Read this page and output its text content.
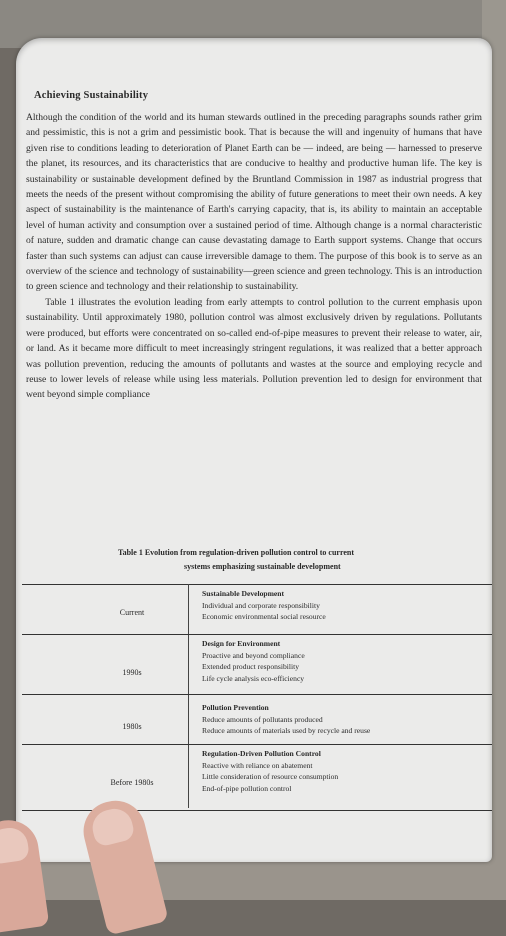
Achieving Sustainability

Although the condition of the world and its human stewards outlined in the preceding paragraphs sounds rather grim and pessimistic, this is not a grim and pessimistic book. That is because the will and ingenuity of humans that have given rise to conditions leading to deterioration of Planet Earth can be — indeed, are being — harnessed to preserve the planet, its resources, and its characteristics that are conducive to healthy and productive human life. The key is sustainability or sustainable development defined by the Bruntland Commission in 1987 as industrial progress that meets the needs of the present without compromising the ability of future generations to meet their own needs. A key aspect of sustainability is the maintenance of Earth's carrying capacity, that is, its ability to maintain an acceptable level of human activity and consumption over a sustained period of time. Although change is a normal characteristic of nature, sudden and dramatic change can cause devastating damage to Earth support systems. Change that occurs faster than such systems can adjust can cause irreversible damage to them. The purpose of this book is to serve as an overview of the science and technology of sustainability—green science and green technology. This is an introduction to green science and technology and their relationship to sustainability.

Table 1 illustrates the evolution leading from early attempts to control pollution to the current emphasis upon sustainability. Until approximately 1980, pollution control was almost exclusively driven by regulations. Pollutants were produced, but efforts were concentrated on so-called end-of-pipe measures to prevent their release to water, air, or land. As it became more difficult to meet increasingly stringent regulations, it was realized that a better approach was pollution prevention, reducing the amounts of pollutants and wastes at the source and employing recycle and reuse to lower levels of release while using less materials. Pollution prevention led to design for environment that went beyond simple compliance

Table 1 Evolution from regulation-driven pollution control to current
systems emphasizing sustainable development
Current
Sustainable Development
Individual and corporate responsibility
Economic environmental social resource
1990s
Design for Environment
Proactive and beyond compliance
Extended product responsibility
Life cycle analysis eco-efficiency
1980s
Pollution Prevention
Reduce amounts of pollutants produced
Reduce amounts of materials used by recycle and reuse
Before 1980s
Regulation-Driven Pollution Control
Reactive with reliance on abatement
Little consideration of resource consumption
End-of-pipe pollution control
